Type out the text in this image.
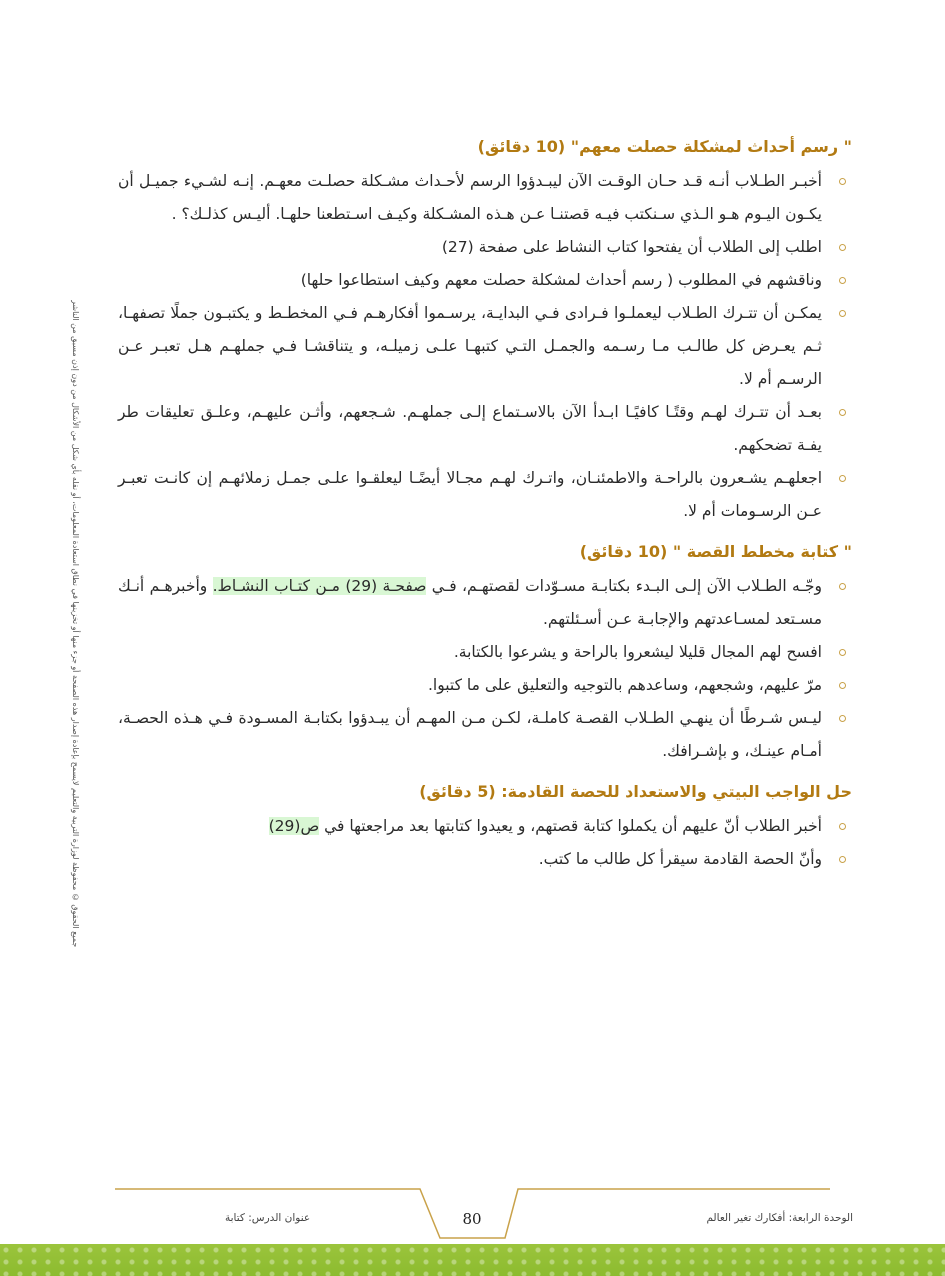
جميع الحقوق © محفوظة لوزارة التربية والتعليم لايسمح بإعادة إصدار هذه الصفحة أو جزء منها أو تخزينها في نطاق استعادة المعلومات، أو نقله بأي شكل من الأشكال من دون إذن مسبق من الناشر
" رسم أحداث لمشكلة حصلت معهم" (10 دقائق)
أخبـر الطـلاب أنـه قـد حـان الوقـت الآن ليبـدؤوا الرسم لأحـداث مشـكلة حصلـت معهـم. إنـه لشـيء جميـل أن يكـون اليـوم هـو الـذي سـنكتب فيـه قصتنـا عـن هـذه المشـكلة وكيـف اسـتطعنا حلهـا. أليـس كذلـك؟ .
اطلب إلى الطلاب أن يفتحوا كتاب النشاط على صفحة (27)
وناقشهم في المطلوب ( رسم أحداث لمشكلة حصلت معهم وكيف استطاعوا حلها)
يمكـن أن تتـرك الطـلاب ليعملـوا فـرادى فـي البدايـة، يرسـموا أفكارهـم فـي المخطـط و يكتبـون جملًا تصفهـا، ثـم يعـرض كل طالـب مـا رسـمه والجمـل التـي كتبهـا علـى زميلـه، و يتناقشـا فـي جملهـم هـل تعبـر عـن الرسـم أم لا.
بعـد أن تتـرك لهـم وقتًـا كافيًـا ابـدأ الآن بالاسـتماع إلـى جملهـم. شـجعهم، وأثـن عليهـم، وعلـق تعليقات طر يفـة تضحكهم.
اجعلهـم يشـعرون بالراحـة والاطمئنـان، واتـرك لهـم مجـالا أيضًـا ليعلقـوا علـى جمـل زملائهـم إن كانـت تعبـر عـن الرسـومات أم لا.
" كتابة مخطط القصة " (10 دقائق)
وجّـه الطـلاب الآن إلـى البـدء بكتابـة مسـوّدات لقصتهـم، فـي صفحـة (29) مـن كتـاب النشـاط. وأخبرهـم أنـك مسـتعد لمسـاعدتهم والإجابـة عـن أسـئلتهم.
افسح لهم المجال قليلا ليشعروا بالراحة و يشرعوا بالكتابة.
مرّ عليهم، وشجعهم، وساعدهم بالتوجيه والتعليق على ما كتبوا.
ليـس شـرطًا أن ينهـي الطـلاب القصـة كاملـة، لكـن مـن المهـم أن يبـدؤوا بكتابـة المسـودة فـي هـذه الحصـة، أمـام عينـك، و بإشـرافك.
حل الواجب البيتي والاستعداد للحصة القادمة: (5 دقائق)
أخبر الطلاب أنّ عليهم أن يكملوا كتابة قصتهم، و يعيدوا كتابتها بعد مراجعتها في ص(29)
وأنّ الحصة القادمة سيقرأ كل طالب ما كتب.
الوحدة الرابعة: أفكارك تغير العالم
80
عنوان الدرس: كتابة
